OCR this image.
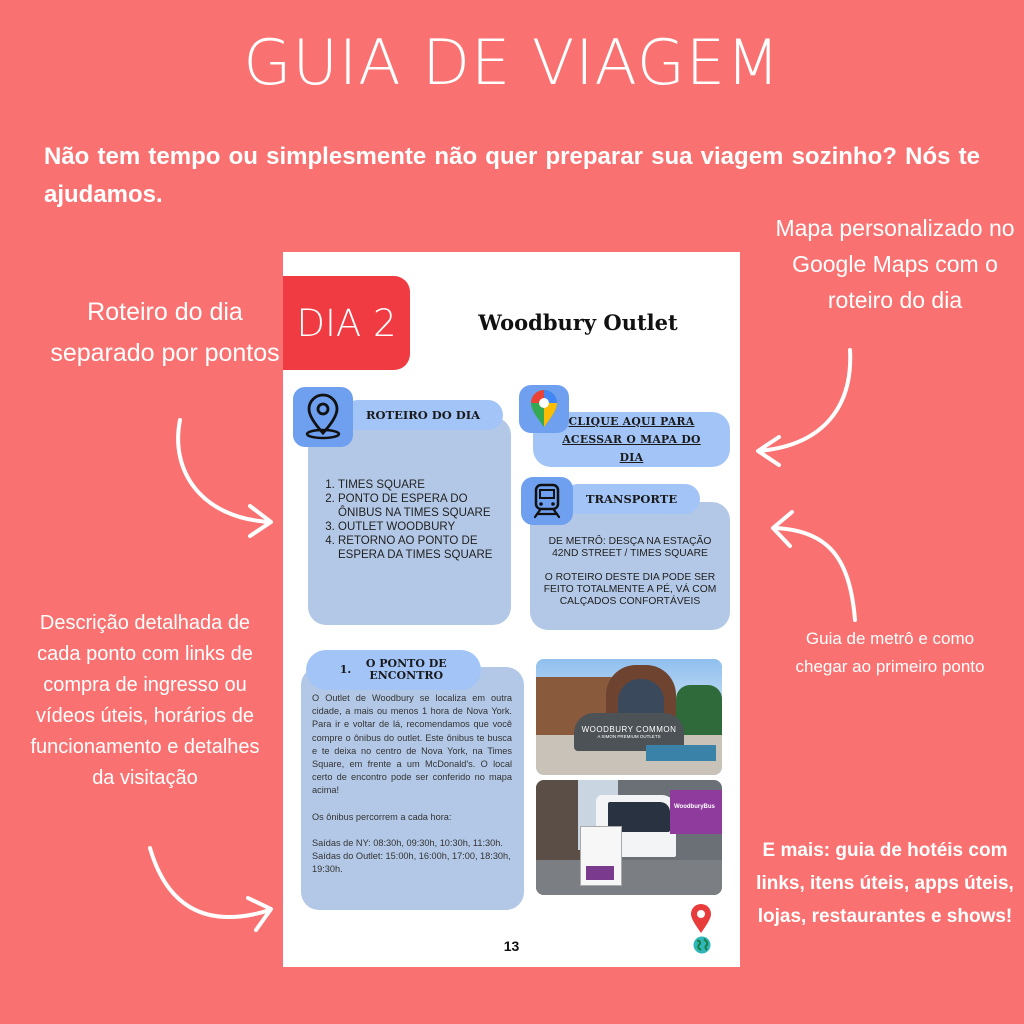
GUIA DE VIAGEM
Não tem tempo ou simplesmente não quer preparar sua viagem sozinho? Nós te ajudamos.
Roteiro do dia separado por pontos
Mapa personalizado no Google Maps com o roteiro do dia
Descrição detalhada de cada ponto com links de compra de ingresso ou vídeos úteis, horários de funcionamento e detalhes da visitação
Guia de metrô e como chegar ao primeiro ponto
E mais: guia de hotéis com links, itens úteis, apps úteis, lojas, restaurantes e shows!
DIA 2	Woodbury Outlet
ROTEIRO DO DIA
1. TIMES SQUARE
2. PONTO DE ESPERA DO ÔNIBUS NA TIMES SQUARE
3. OUTLET WOODBURY
4. RETORNO AO PONTO DE ESPERA DA TIMES SQUARE
CLIQUE AQUI PARA ACESSAR O MAPA DO DIA
TRANSPORTE
DE METRÔ: DESÇA NA ESTAÇÃO 42ND STREET / TIMES SQUARE
O ROTEIRO DESTE DIA PODE SER FEITO TOTALMENTE A PÉ, VÁ COM CALÇADOS CONFORTÁVEIS
1. O PONTO DE ENCONTRO
O Outlet de Woodbury se localiza em outra cidade, a mais ou menos 1 hora de Nova York. Para ir e voltar de lá, recomendamos que você compre o ônibus do outlet. Este ônibus te busca e te deixa no centro de Nova York, na Times Square, em frente a um McDonald's. O local certo de encontro pode ser conferido no mapa acima!
Os ônibus percorrem a cada hora:
Saídas de NY: 08:30h, 09:30h, 10:30h, 11:30h.
Saídas do Outlet: 15:00h, 16:00h, 17:00, 18:30h, 19:30h.
WOODBURY COMMON
A SIMON PREMIUM OUTLETS
WoodburyBus
13
